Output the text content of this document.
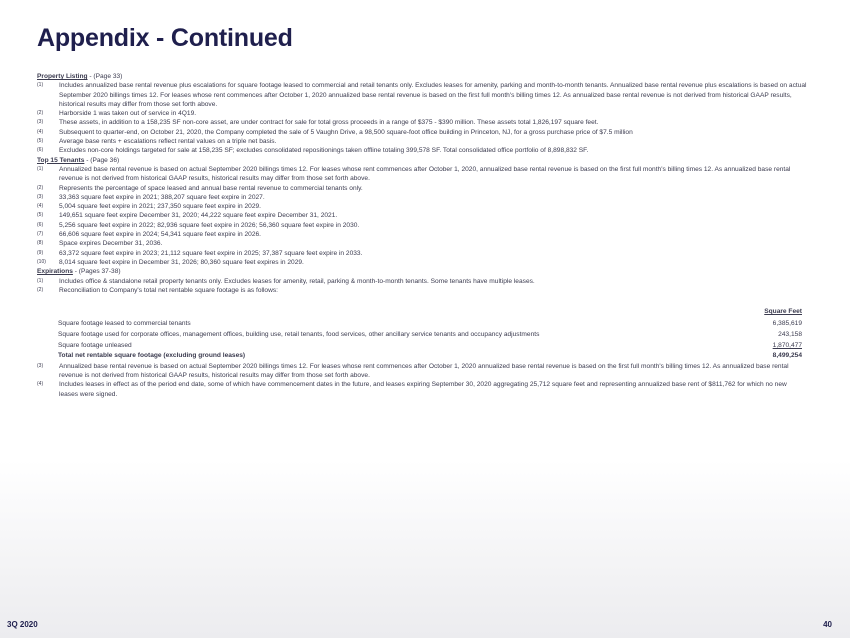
Appendix - Continued
Property Listing - (Page 33)
(1) Includes annualized base rental revenue plus escalations for square footage leased to commercial and retail tenants only. Excludes leases for amenity, parking and month-to-month tenants. Annualized base rental revenue plus escalations is based on actual September 2020 billings times 12. For leases whose rent commences after October 1, 2020 annualized base rental revenue is based on the first full month's billing times 12. As annualized base rental revenue is not derived from historical GAAP results, historical results may differ from those set forth above.
(2) Harborside 1 was taken out of service in 4Q19.
(3) These assets, in addition to a 158,235 SF non-core asset, are under contract for sale for total gross proceeds in a range of $375 - $390 million. These assets total 1,826,197 square feet.
(4) Subsequent to quarter-end, on October 21, 2020, the Company completed the sale of 5 Vaughn Drive, a 98,500 square-foot office building in Princeton, NJ, for a gross purchase price of $7.5 million
(5) Average base rents + escalations reflect rental values on a triple net basis.
(6) Excludes non-core holdings targeted for sale at 158,235 SF; excludes consolidated repositionings taken offline totaling 399,578 SF. Total consolidated office portfolio of 8,898,832 SF.
Top 15 Tenants - (Page 36)
(1) Annualized base rental revenue is based on actual September 2020 billings times 12. For leases whose rent commences after October 1, 2020, annualized base rental revenue is based on the first full month's billing times 12. As annualized base rental revenue is not derived from historical GAAP results, historical results may differ from those set forth above.
(2) Represents the percentage of space leased and annual base rental revenue to commercial tenants only.
(3) 33,363 square feet expire in 2021; 388,207 square feet expire in 2027.
(4) 5,004 square feet expire in 2021; 237,350 square feet expire in 2029.
(5) 149,651 square feet expire December 31, 2020; 44,222 square feet expire December 31, 2021.
(6) 5,256 square feet expire in 2022; 82,936 square feet expire in 2026; 56,360 square feet expire in 2030.
(7) 66,606 square feet expire in 2024; 54,341 square feet expire in 2026.
(8) Space expires December 31, 2036.
(9) 63,372 square feet expire in 2023; 21,112 square feet expire in 2025; 37,387 square feet expire in 2033.
(10) 8,014 square feet expire in December 31, 2026; 80,360 square feet expires in 2029.
Expirations - (Pages 37-38)
(1) Includes office & standalone retail property tenants only. Excludes leases for amenity, retail, parking & month-to-month tenants. Some tenants have multiple leases.
(2) Reconciliation to Company's total net rentable square footage is as follows:
Square Feet
Square footage leased to commercial tenants	6,385,619
Square footage used for corporate offices, management offices, building use, retail tenants, food services, other ancillary service tenants and occupancy adjustments	243,158
Square footage unleased	1,870,477
Total net rentable square footage (excluding ground leases)	8,499,254
(3) Annualized base rental revenue is based on actual September 2020 billings times 12. For leases whose rent commences after October 1, 2020 annualized base rental revenue is based on the first full month's billing times 12. As annualized base rental revenue is not derived from historical GAAP results, historical results may differ from those set forth above.
(4) Includes leases in effect as of the period end date, some of which have commencement dates in the future, and leases expiring September 30, 2020 aggregating 25,712 square feet and representing annualized base rent of $811,762 for which no new leases were signed.
3Q 2020	40
